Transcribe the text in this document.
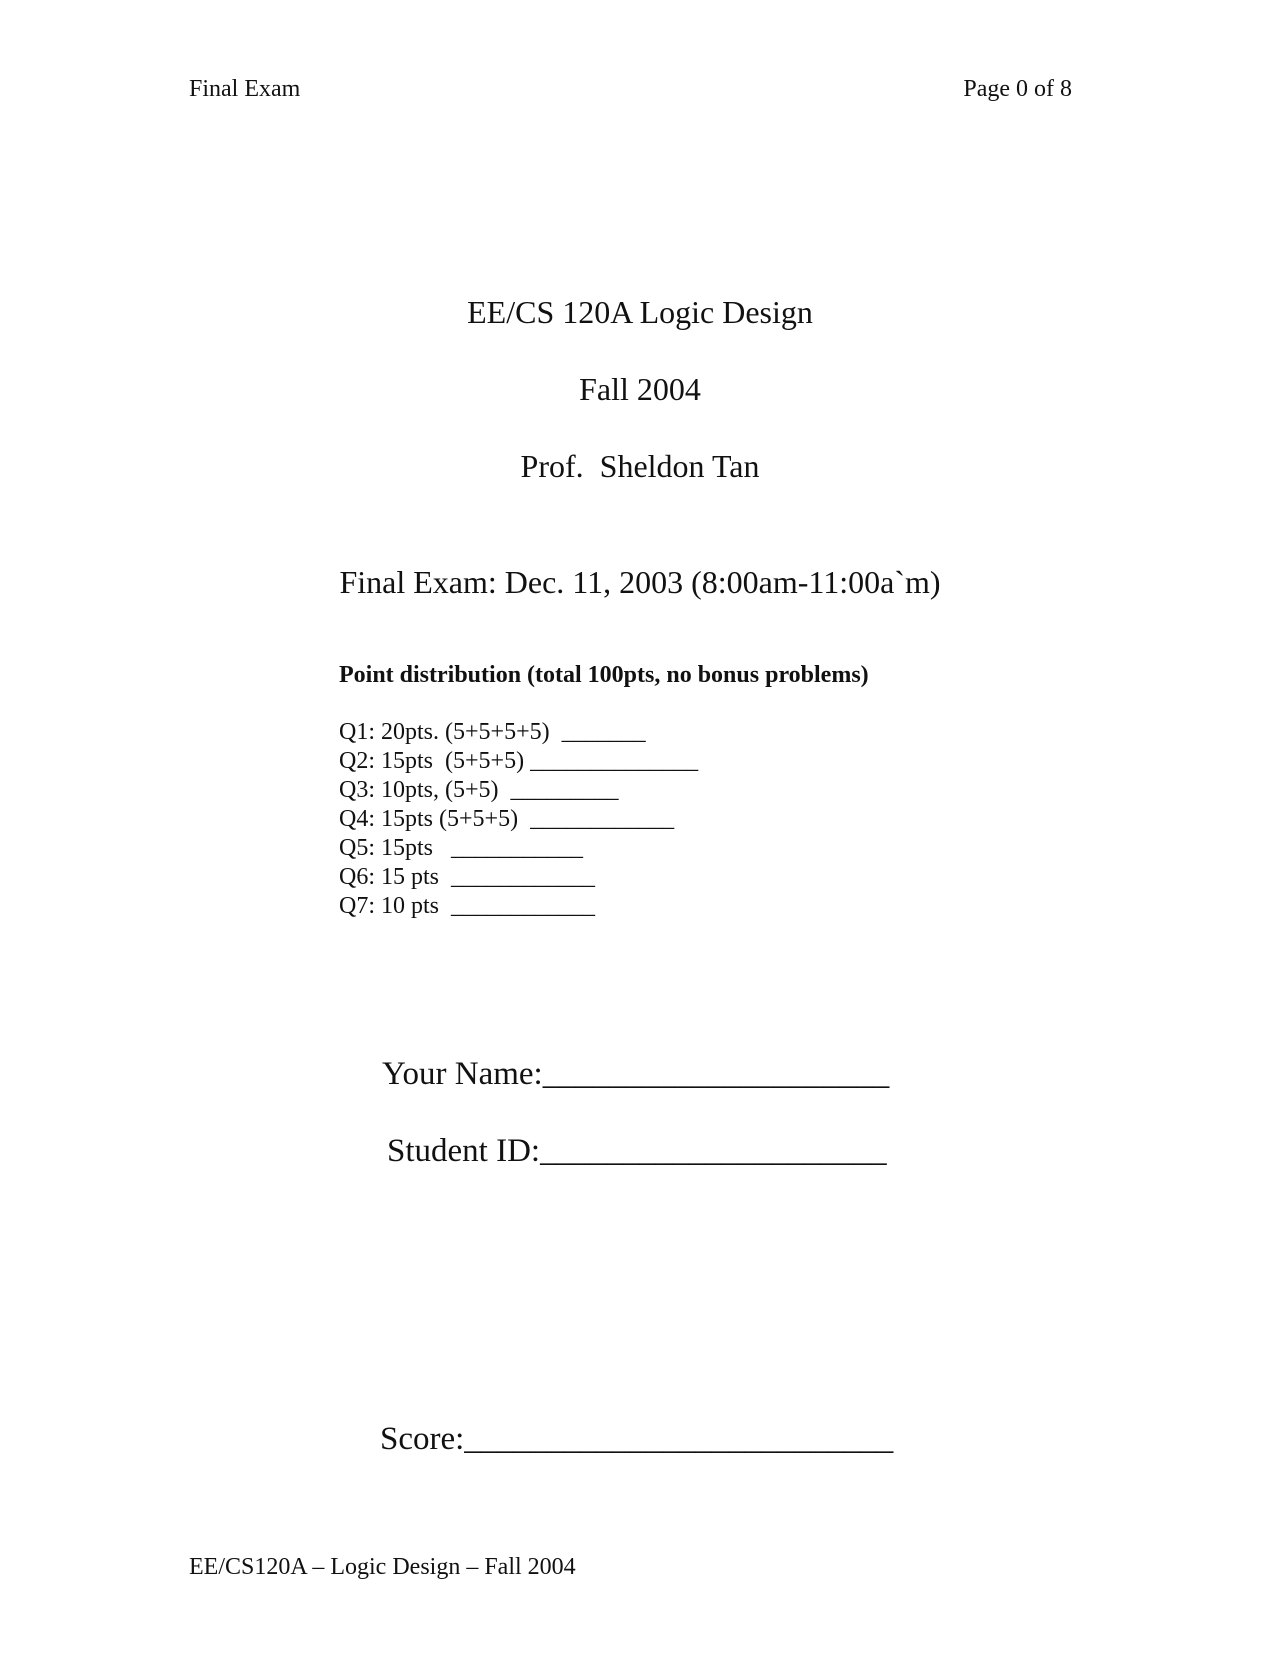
Final Exam	Page 0 of 8
EE/CS 120A Logic Design
Fall 2004
Prof.  Sheldon Tan
Final Exam: Dec. 11, 2003 (8:00am-11:00a`m)
Point distribution (total 100pts, no bonus problems)
Q1: 20pts. (5+5+5+5)  _______
Q2: 15pts  (5+5+5) ______________
Q3: 10pts, (5+5)  _________
Q4: 15pts (5+5+5)  ____________
Q5: 15pts   ___________
Q6: 15 pts  ____________
Q7: 10 pts  ____________
Your Name:_____________________
Student ID:_____________________
Score:__________________________
EE/CS120A – Logic Design – Fall 2004
